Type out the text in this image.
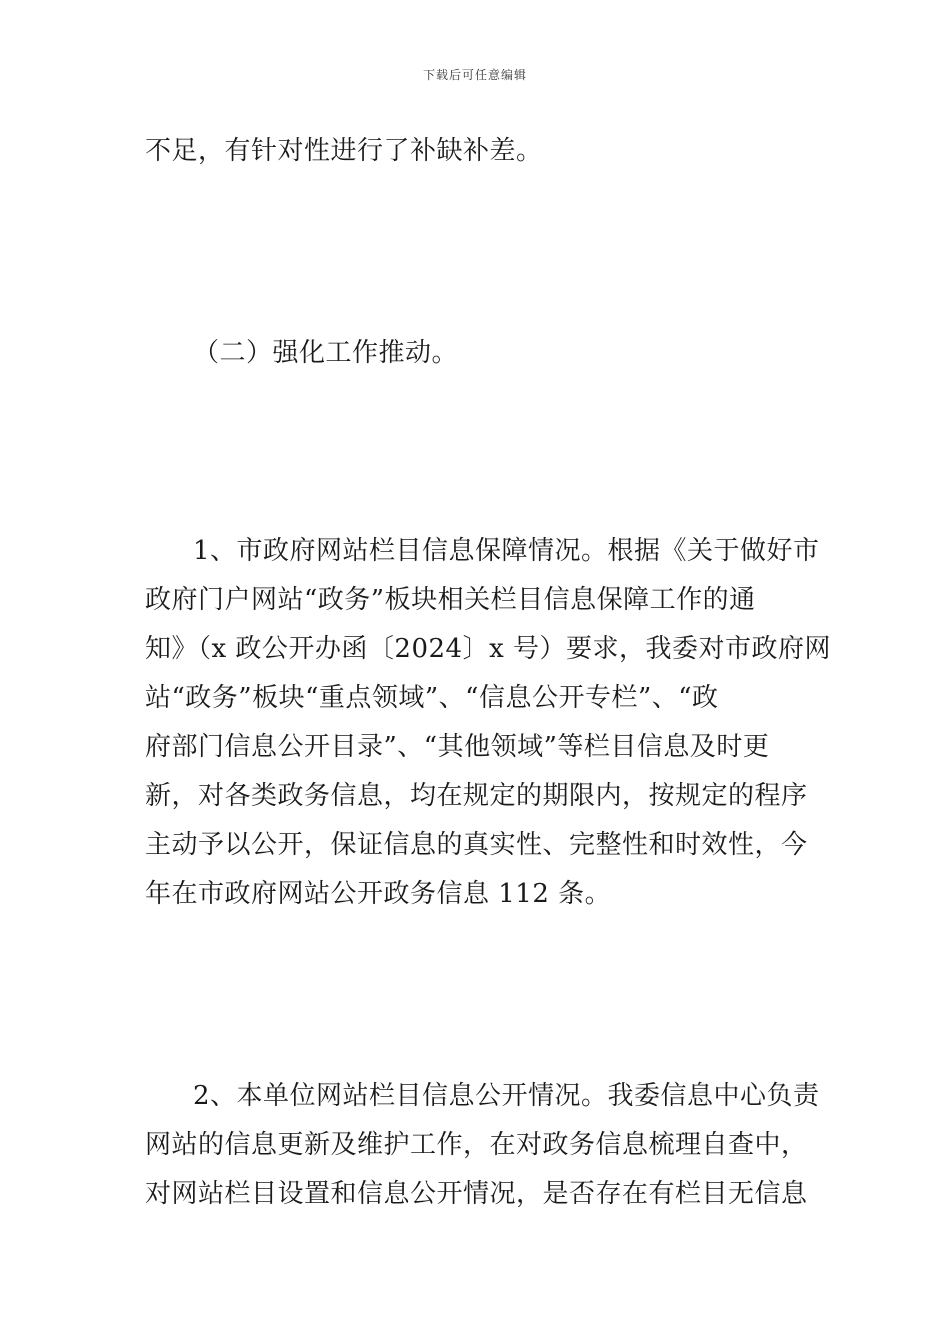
下载后可任意编辑
不足，有针对性进行了补缺补差。
（二）强化工作推动。
1、市政府网站栏目信息保障情况。根据《关于做好市
政府门户网站“政务”板块相关栏目信息保障工作的通
知》（x 政公开办函〔2024〕x 号）要求，我委对市政府网
站“政务”板块“重点领域”、“信息公开专栏”、“政
府部门信息公开目录”、“其他领域”等栏目信息及时更
新，对各类政务信息，均在规定的期限内，按规定的程序
主动予以公开，保证信息的真实性、完整性和时效性，今
年在市政府网站公开政务信息 112 条。
2、本单位网站栏目信息公开情况。我委信息中心负责
网站的信息更新及维护工作，在对政务信息梳理自查中，
对网站栏目设置和信息公开情况，是否存在有栏目无信息
